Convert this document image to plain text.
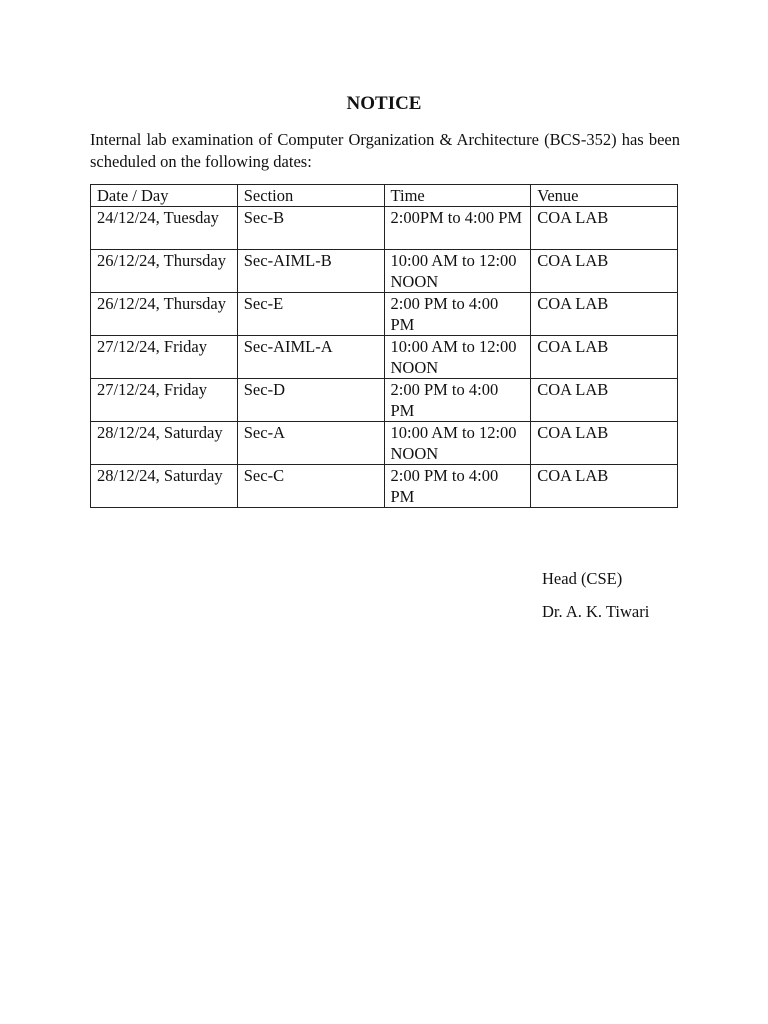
NOTICE
Internal lab examination of Computer Organization & Architecture (BCS-352) has been scheduled on the following dates:
Date / Day	Section	Time	Venue
24/12/24, Tuesday	Sec-B	2:00PM to 4:00 PM	COA LAB
26/12/24, Thursday	Sec-AIML-B	10:00 AM to 12:00 NOON	COA LAB
26/12/24, Thursday	Sec-E	2:00 PM to 4:00 PM	COA LAB
27/12/24, Friday	Sec-AIML-A	10:00 AM to 12:00 NOON	COA LAB
27/12/24, Friday	Sec-D	2:00 PM to 4:00 PM	COA LAB
28/12/24, Saturday	Sec-A	10:00 AM to 12:00 NOON	COA LAB
28/12/24, Saturday	Sec-C	2:00 PM to 4:00 PM	COA LAB
Head (CSE)
Dr. A. K. Tiwari
